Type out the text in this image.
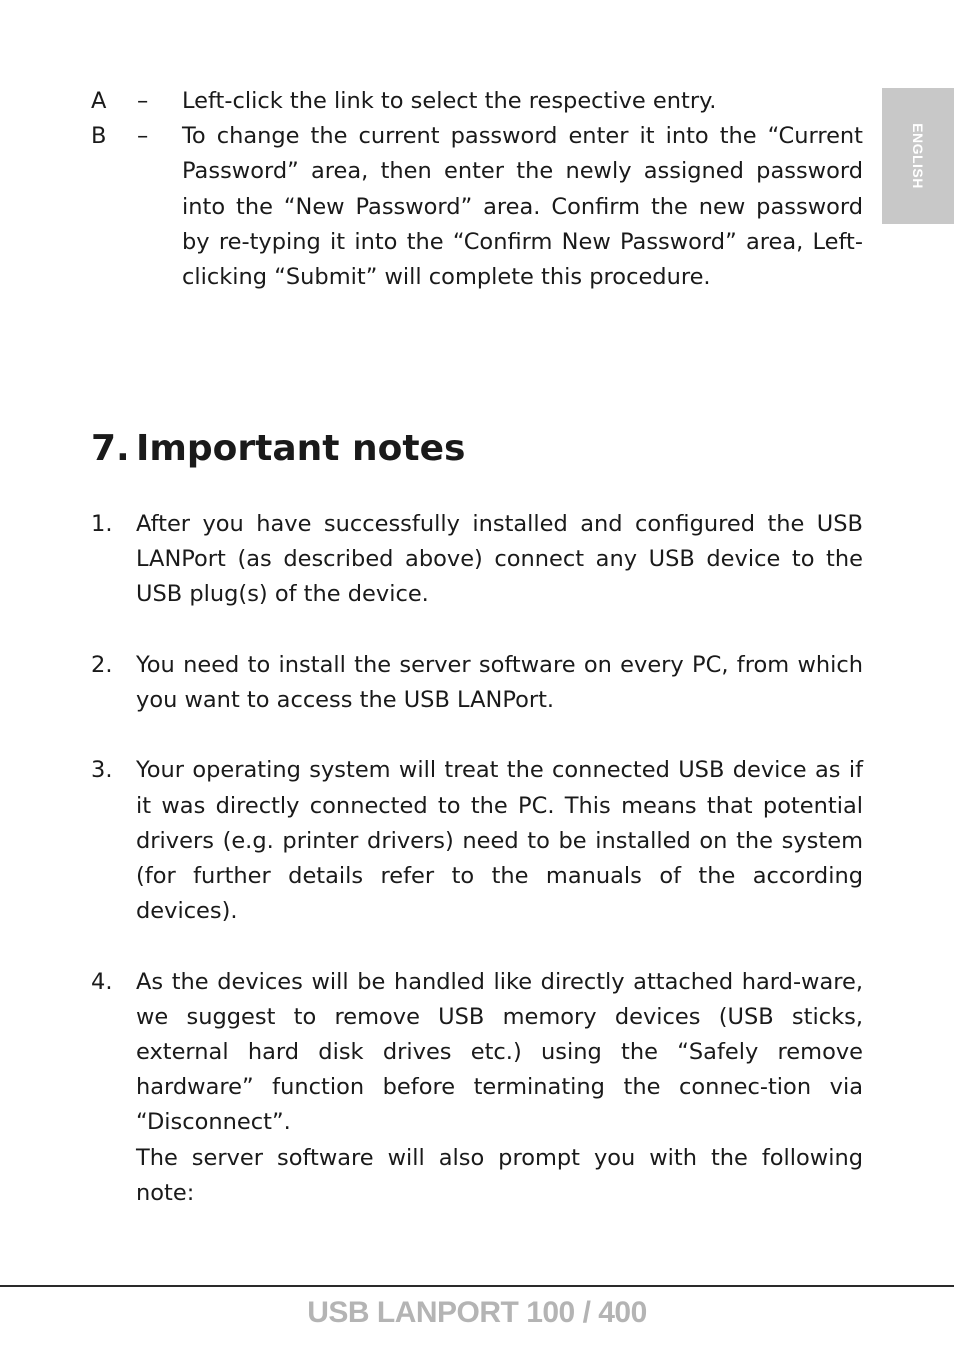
ENGLISH
A	–	Left-click the link to select the respective entry.
B	–	To change the current password enter it into the “Current Password” area, then enter the newly assigned password into the “New Password” area. Confirm the new password by re-typing it into the “Confirm New Password” area, Left-clicking “Submit” will complete this procedure.
7. Important notes
1.	After you have successfully installed and configured the USB LANPort (as described above) connect any USB device to the USB plug(s) of the device.

2.	You need to install the server software on every PC, from which you want to access the USB LANPort.

3.	Your operating system will treat the connected USB device as if it was directly connected to the PC. This means that potential drivers (e.g. printer drivers) need to be installed on the system (for further details refer to the manuals of the according devices).

4.	As the devices will be handled like directly attached hard-ware, we suggest to remove USB memory devices (USB sticks, external hard disk drives etc.) using the “Safely remove hardware” function before terminating the connec-tion via “Disconnect”.

The server software will also prompt you with the following note:

USB LANPORT 100 / 400
